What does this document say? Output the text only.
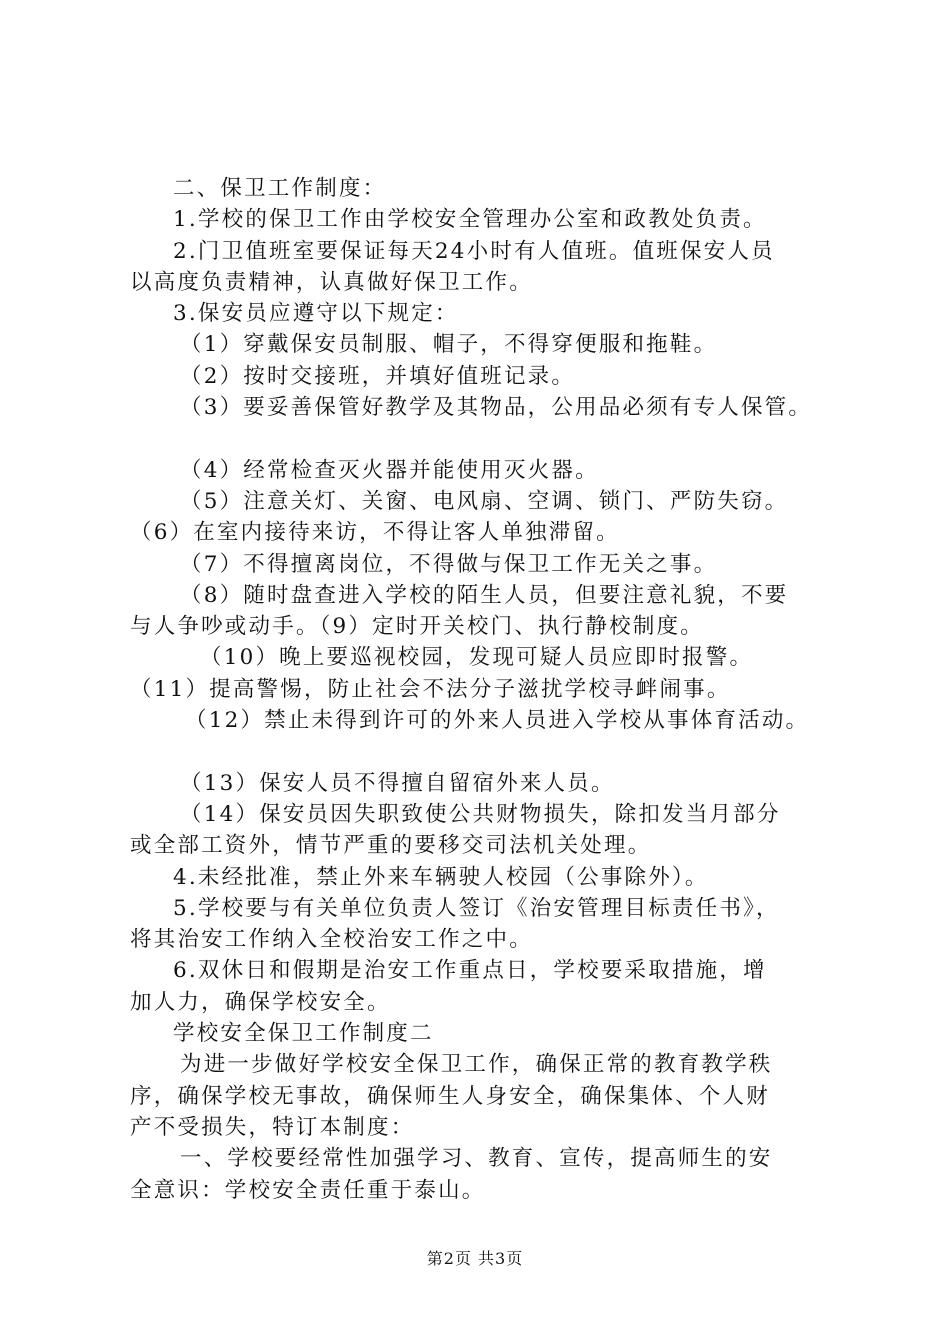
二、保卫工作制度：
1.学校的保卫工作由学校安全管理办公室和政教处负责。
2.门卫值班室要保证每天24小时有人值班。值班保安人员
以高度负责精神，认真做好保卫工作。
3.保安员应遵守以下规定：
（1）穿戴保安员制服、帽子，不得穿便服和拖鞋。
（2）按时交接班，并填好值班记录。
（3）要妥善保管好教学及其物品，公用品必须有专人保管。
（4）经常检查灭火器并能使用灭火器。
（5）注意关灯、关窗、电风扇、空调、锁门、严防失窃。
（6）在室内接待来访，不得让客人单独滞留。
（7）不得擅离岗位，不得做与保卫工作无关之事。
（8）随时盘查进入学校的陌生人员，但要注意礼貌，不要
与人争吵或动手。（9）定时开关校门、执行静校制度。
（10）晚上要巡视校园，发现可疑人员应即时报警。
（11）提高警惕，防止社会不法分子滋扰学校寻衅闹事。
（12）禁止未得到许可的外来人员进入学校从事体育活动。
（13）保安人员不得擅自留宿外来人员。
（14）保安员因失职致使公共财物损失，除扣发当月部分
或全部工资外，情节严重的要移交司法机关处理。
4.未经批准，禁止外来车辆驶人校园（公事除外）。
5.学校要与有关单位负责人签订《治安管理目标责任书》，
将其治安工作纳入全校治安工作之中。
6.双休日和假期是治安工作重点日，学校要采取措施，增
加人力，确保学校安全。
学校安全保卫工作制度二
为进一步做好学校安全保卫工作，确保正常的教育教学秩
序，确保学校无事故，确保师生人身安全，确保集体、个人财
产不受损失，特订本制度：
一、学校要经常性加强学习、教育、宣传，提高师生的安
全意识：学校安全责任重于泰山。
第2页 共3页
